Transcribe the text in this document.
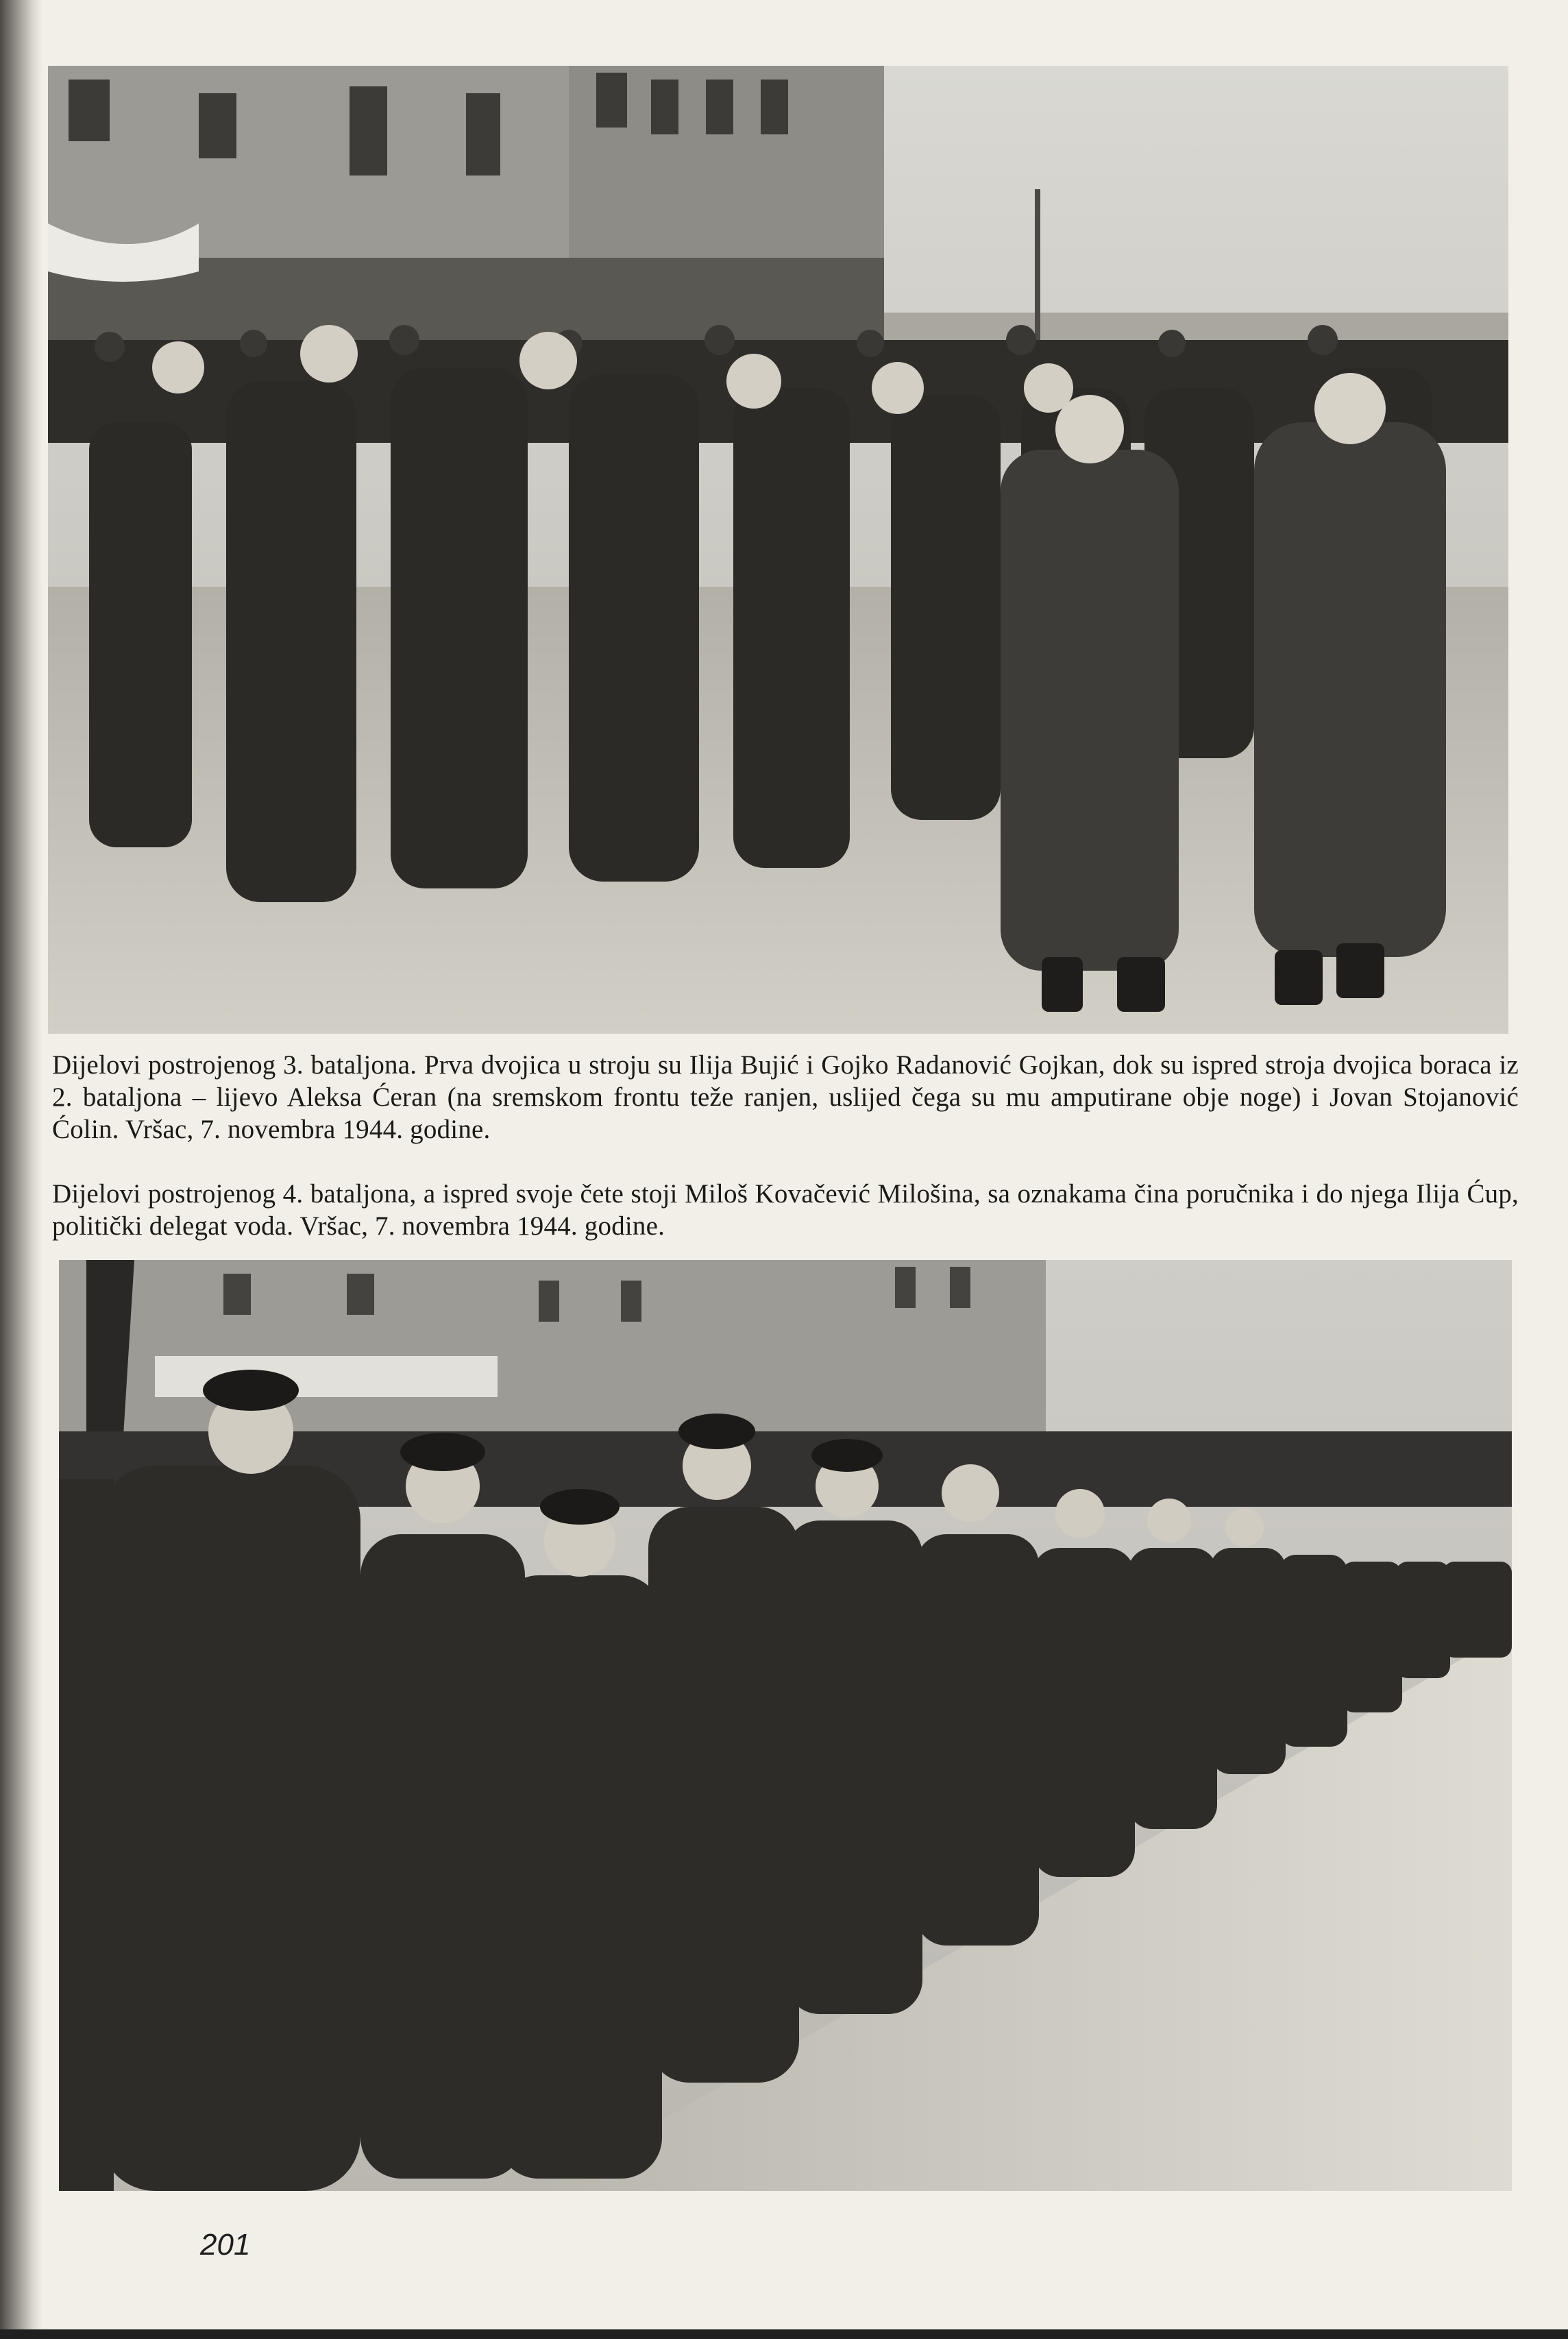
Dijelovi postrojenog 3. bataljona. Prva dvojica u stroju su Ilija Bujić i Gojko Radanović Gojkan, dok su ispred stroja dvojica boraca iz 2. bataljona – lijevo Aleksa Ćeran (na sremskom frontu teže ranjen, uslijed čega su mu amputirane obje noge) i Jovan Stojanović Ćolin. Vršac, 7. novembra 1944. godine.

Dijelovi postrojenog 4. bataljona, a ispred svoje čete stoji Miloš Kovačević Milošina, sa oznakama čina poručnika i do njega Ilija Ćup, politički delegat voda. Vršac, 7. novembra 1944. godine.

201
